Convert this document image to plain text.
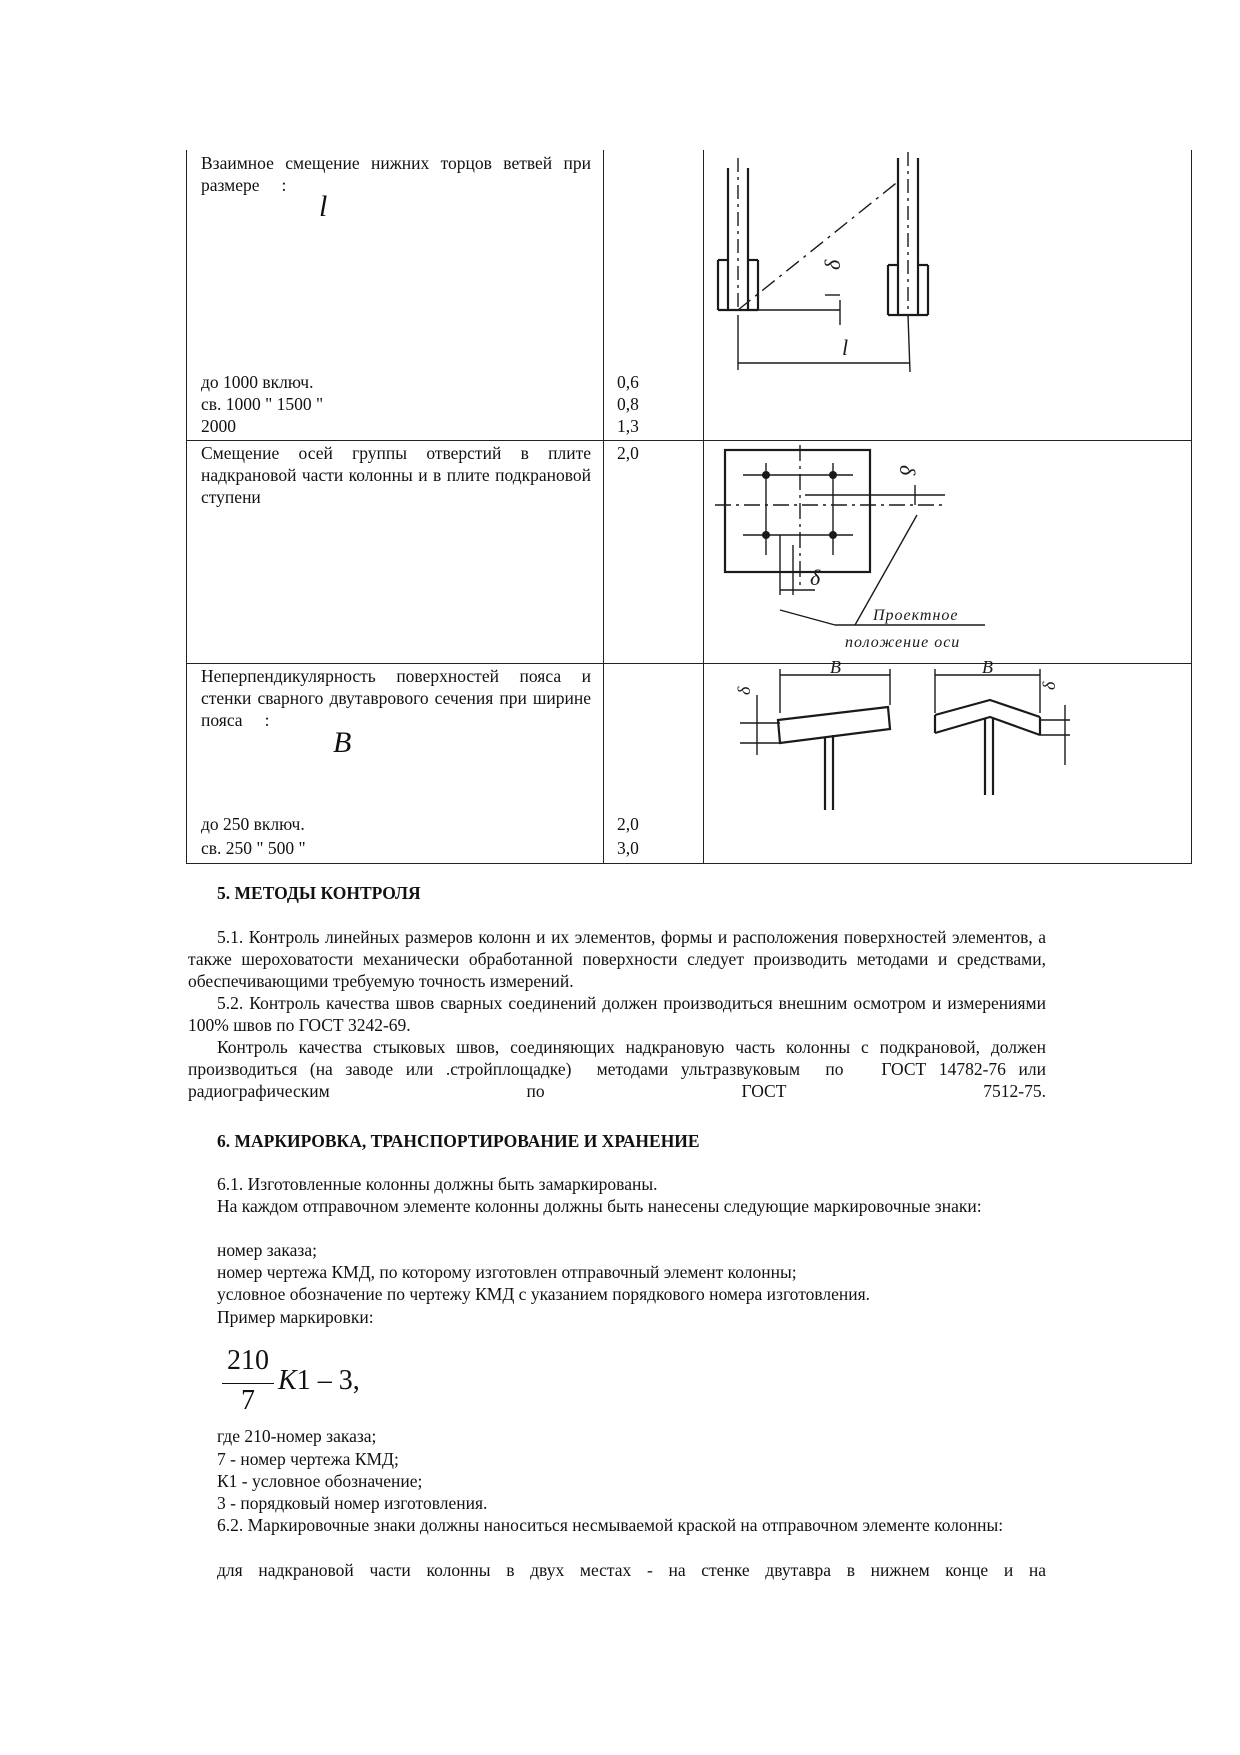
Взаимное смещение нижних торцов ветвей при размере :
l
до 1000 включ.
св. 1000 " 1500 "
2000
0,6
0,8
1,3
Смещение осей группы отверстий в плите надкрановой части колонны и в плите подкрановой ступени
2,0
Неперпендикулярность поверхностей пояса и стенки сварного двутаврового сечения при ширине пояса :
B
до 250 включ.
св. 250 " 500 "
2,0
3,0
δ
l
δ
δ
Проектное
положение оси
В	В
δ
δ
5. МЕТОДЫ КОНТРОЛЯ
5.1. Контроль линейных размеров колонн и их элементов, формы и расположения поверхностей элементов, а также шероховатости механически обработанной поверхности следует производить методами и средствами, обеспечивающими требуемую точность измерений.
5.2. Контроль качества швов сварных соединений должен производиться внешним осмотром и измерениями 100% швов по ГОСТ 3242-69.
Контроль качества стыковых швов, соединяющих надкрановую часть колонны с подкрановой, должен производиться (на заводе или .стройплощадке)  методами ультразвуковым  по   ГОСТ 14782-76 или радиографическим по ГОСТ 7512-75.
6. МАРКИРОВКА, ТРАНСПОРТИРОВАНИЕ И ХРАНЕНИЕ
6.1. Изготовленные колонны должны быть замаркированы.
На каждом отправочном элементе колонны должны быть нанесены следующие маркировочные знаки:
номер заказа;
номер чертежа КМД, по которому изготовлен отправочный элемент колонны;
условное обозначение по чертежу КМД с указанием порядкового номера изготовления.
Пример маркировки:
210
7
K1 – 3,
где 210-номер заказа;
7 - номер чертежа КМД;
К1 - условное обозначение;
3 - порядковый номер изготовления.
6.2. Маркировочные знаки должны наноситься несмываемой краской на отправочном элементе колонны:
для надкрановой части колонны в двух местах - на стенке двутавра в нижнем конце и на
